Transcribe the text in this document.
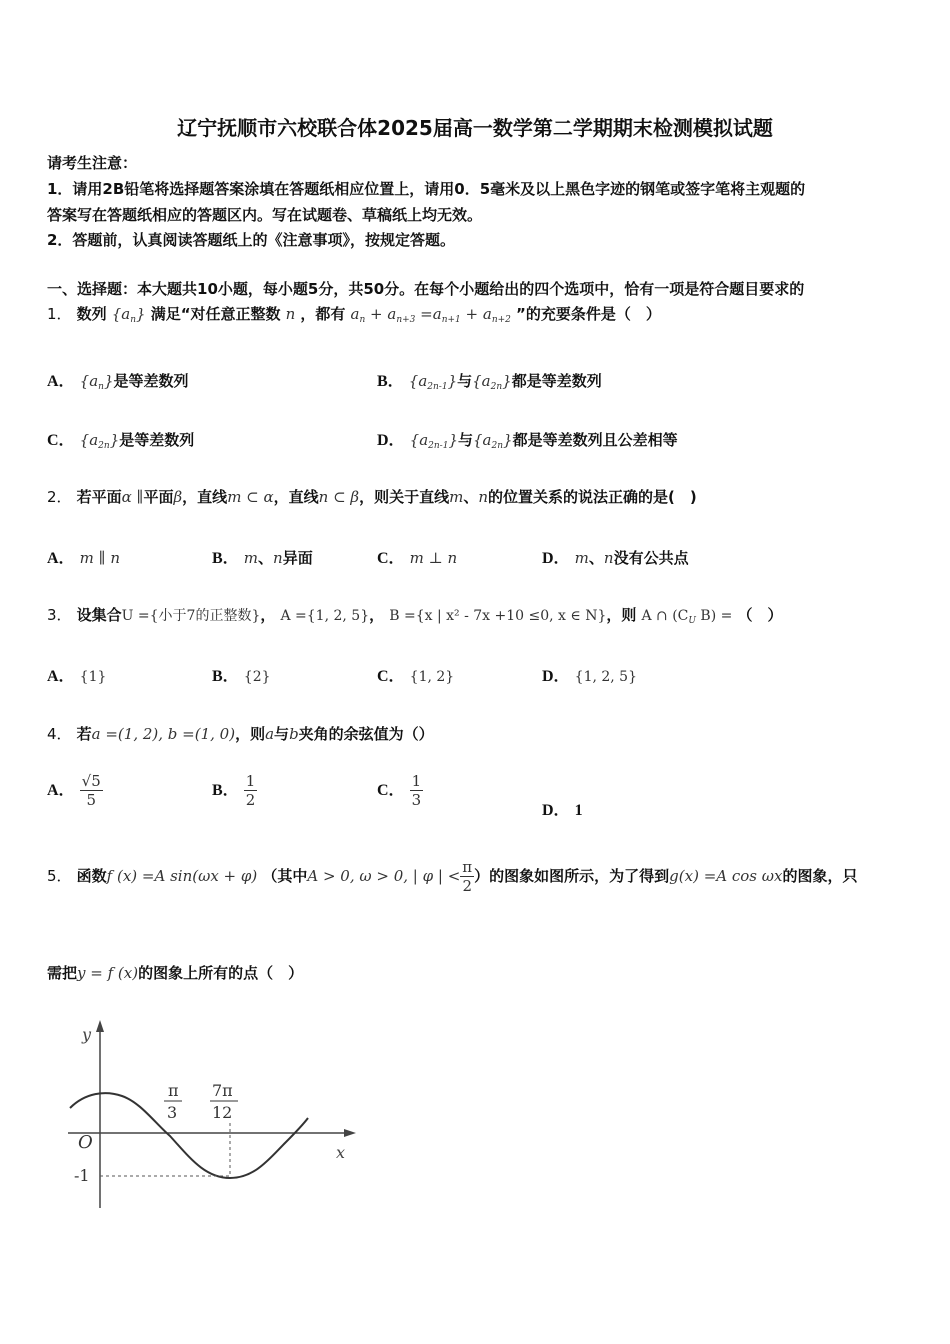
辽宁抚顺市六校联合体2025届高一数学第二学期期末检测模拟试题
请考生注意：
1．请用2B铅笔将选择题答案涂填在答题纸相应位置上，请用0．5毫米及以上黑色字迹的钢笔或签字笔将主观题的
答案写在答题纸相应的答题区内。写在试题卷、草稿纸上均无效。
2．答题前，认真阅读答题纸上的《注意事项》，按规定答题。
一、选择题：本大题共10小题，每小题5分，共50分。在每个小题给出的四个选项中，恰有一项是符合题目要求的
1． 数列 $\{a_n\}$ 满足“对任意正整数 n ，都有 $a_n + a_{n+3} =a_{n+1} + a_{n+2}$ ”的充要条件是（　）
A． $\{a_n\}$是等差数列	B． $\{a_{2n-1}\}$与$\{a_{2n}\}$都是等差数列
C． $\{a_{2n}\}$是等差数列	D． $\{a_{2n-1}\}$与$\{a_{2n}\}$都是等差数列且公差相等
2． 若平面α ∥平面β，直线m ⊂ α，直线n ⊂ β，则关于直线m、n的位置关系的说法正确的是(　)
A． m ∥ n	B． m、n异面	C． m ⊥ n	D． m、n没有公共点
3． 设集合U ={小于7的正整数}， A ={1, 2, 5}， B ={x | x² - 7x +10 ≤0, x ∈ N}，则 A ∩ ($C_U$ B) = （　）
A． {1}	B． {2}	C． {1, 2}	D． {1, 2, 5}
4． 若a =(1, 2), b =(1, 0)，则a与b夹角的余弦值为（）
A． $\frac{√5}{5}$	B． $\frac{1}{2}$	C． $\frac{1}{3}$
D． 1
5． 函数f (x) =A sin(ωx + φ) （其中A > 0, ω > 0, | φ | < $\frac{\pi}{2}$ ）的图象如图所示，为了得到g(x) =A cos ωx的图象，只
需把y = f (x)的图象上所有的点（　）
y
x
O
-1
π
3
7π
12
